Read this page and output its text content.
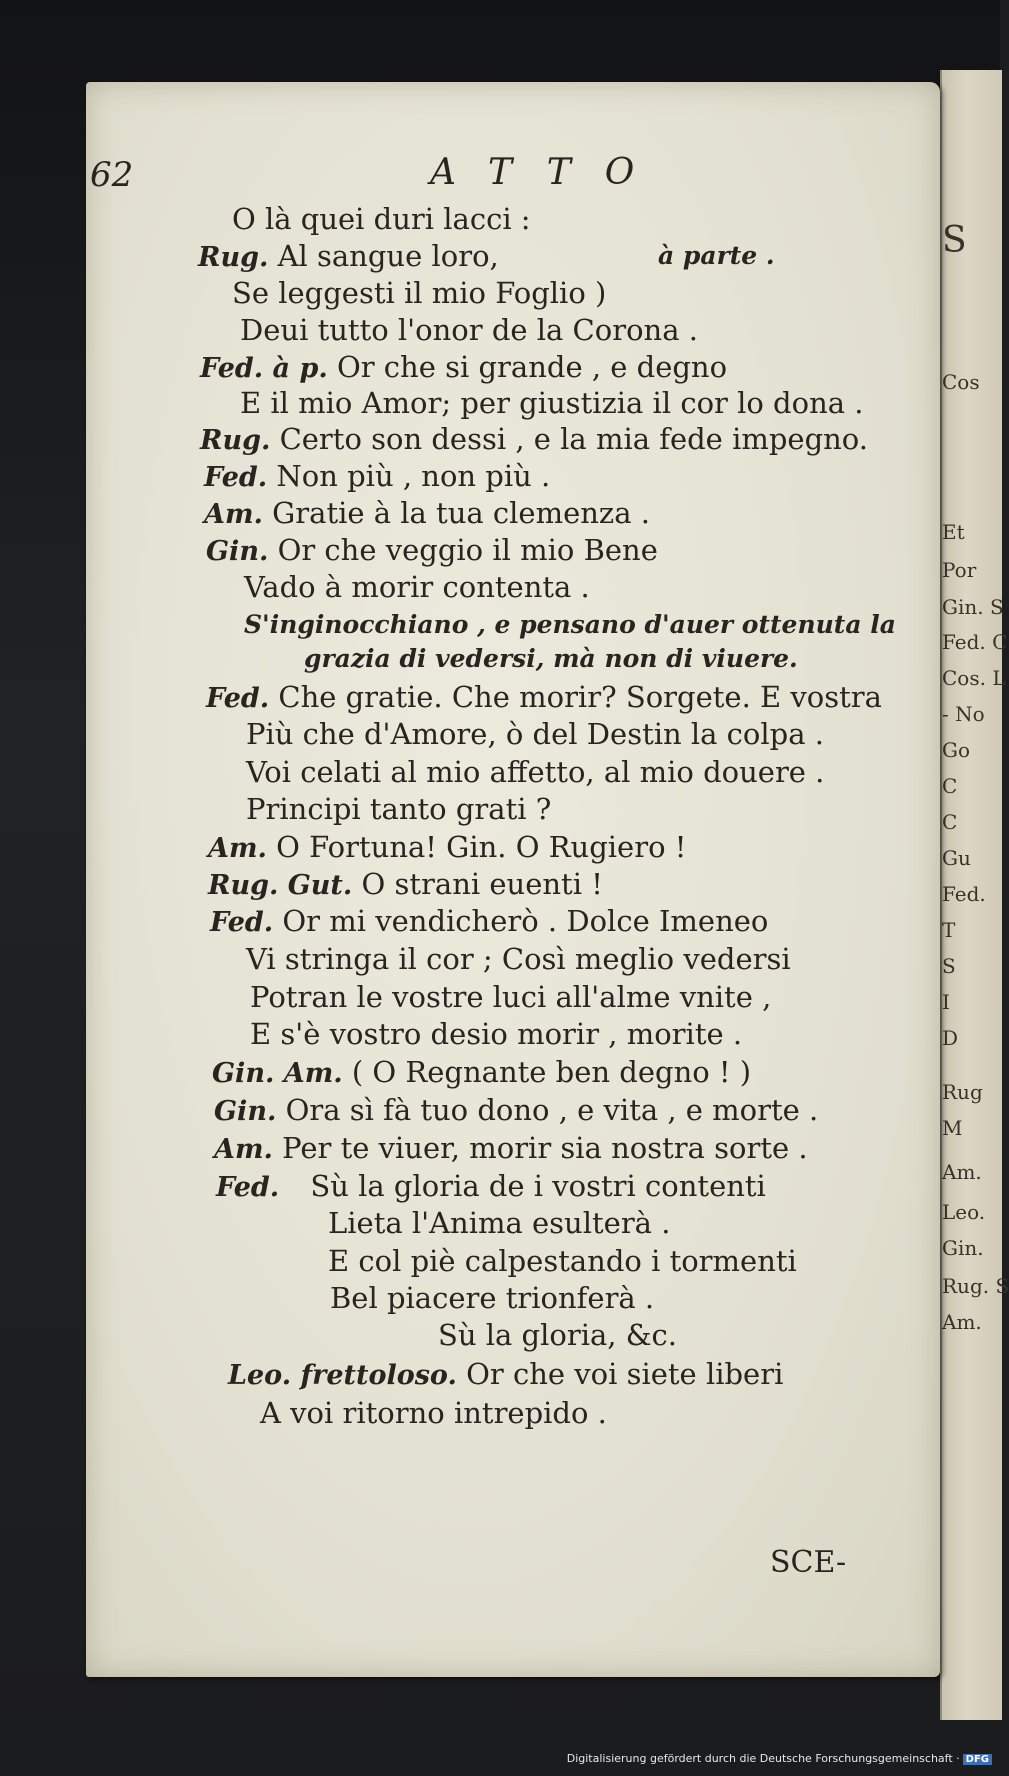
S
Cos
Et
Por
Gin. S
Fed. C
Cos. L
- No
Go
C
C
Gu
Fed.
T
S
I
D
Rug
M
Am.
Leo.
Gin.
Rug. S
Am.
62	ATTO
O là quei duri lacci :
Rug. Al sangue loro,	à parte .
Se leggesti il mio Foglio )
Deui tutto l'onor de la Corona .
Fed. à p. Or che si grande , e degno
E il mio Amor; per giustizia il cor lo dona .
Rug. Certo son dessi , e la mia fede impegno.
Fed. Non più , non più .
Am. Gratie à la tua clemenza .
Gin. Or che veggio il mio Bene
Vado à morir contenta .
S'inginocchiano , e pensano d'auer ottenuta la
grazia di vedersi, mà non di viuere.
Fed. Che gratie. Che morir? Sorgete. E vostra
Più che d'Amore, ò del Destin la colpa .
Voi celati al mio affetto, al mio douere .
Principi tanto grati ?
Am. O Fortuna! Gin. O Rugiero !
Rug. Gut. O strani euenti !
Fed. Or mi vendicherò . Dolce Imeneo
Vi stringa il cor ; Così meglio vedersi
Potran le vostre luci all'alme vnite ,
E s'è vostro desio morir , morite .
Gin. Am. ( O Regnante ben degno ! )
Gin. Ora sì fà tuo dono , e vita , e morte .
Am. Per te viuer, morir sia nostra sorte .
Fed. Sù la gloria de i vostri contenti
Lieta l'Anima esulterà .
E col piè calpestando i tormenti
Bel piacere trionferà .
Sù la gloria, &c.
Leo. frettoloso. Or che voi siete liberi
A voi ritorno intrepido .
SCE-
Digitalisierung gefördert durch die Deutsche Forschungsgemeinschaft · DFG
